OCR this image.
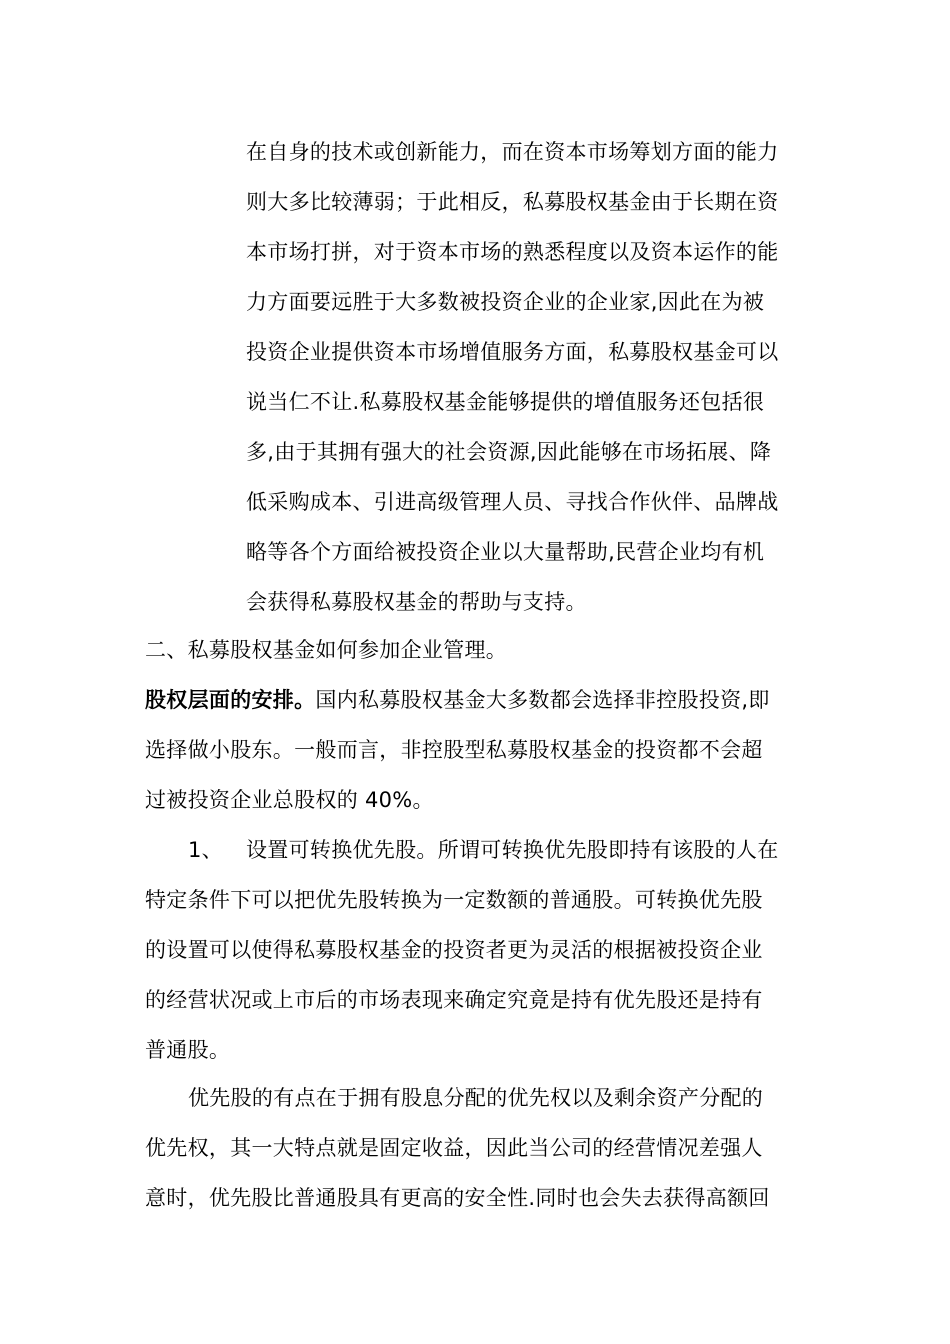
在自身的技术或创新能力，而在资本市场筹划方面的能力
则大多比较薄弱；于此相反，私募股权基金由于长期在资
本市场打拼，对于资本市场的熟悉程度以及资本运作的能
力方面要远胜于大多数被投资企业的企业家,因此在为被
投资企业提供资本市场增值服务方面，私募股权基金可以
说当仁不让.私募股权基金能够提供的增值服务还包括很
多,由于其拥有强大的社会资源,因此能够在市场拓展、降
低采购成本、引进高级管理人员、寻找合作伙伴、品牌战
略等各个方面给被投资企业以大量帮助,民营企业均有机
会获得私募股权基金的帮助与支持。
二、私募股权基金如何参加企业管理。
股权层面的安排。国内私募股权基金大多数都会选择非控股投资,即
选择做小股东。一般而言，非控股型私募股权基金的投资都不会超
过被投资企业总股权的 40%。
1、 设置可转换优先股。所谓可转换优先股即持有该股的人在
特定条件下可以把优先股转换为一定数额的普通股。可转换优先股
的设置可以使得私募股权基金的投资者更为灵活的根据被投资企业
的经营状况或上市后的市场表现来确定究竟是持有优先股还是持有
普通股。
优先股的有点在于拥有股息分配的优先权以及剩余资产分配的
优先权，其一大特点就是固定收益，因此当公司的经营情况差强人
意时，优先股比普通股具有更高的安全性.同时也会失去获得高额回
